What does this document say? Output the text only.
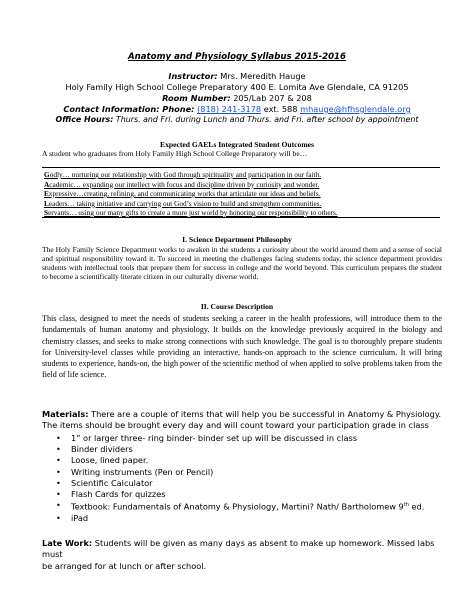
Anatomy and Physiology Syllabus 2015-2016
Instructor: Mrs. Meredith Hauge
Holy Family High School College Preparatory 400 E. Lomita Ave Glendale, CA 91205
Room Number: 205/Lab 207 & 208
Contact Information: Phone: (818) 241-3178 ext. 588 mhauge@hfhsglendale.org
Office Hours: Thurs. and Fri. during Lunch and Thurs. and Fri. after school by appointment
Expected GAELs Integrated Student Outcomes
A student who graduates from Holy Family High School College Preparatory will be…
Godly… nurturing our relationship with God through spirituality and participation in our faith.
Academic… expanding our intellect with focus and discipline driven by curiosity and wonder.
Expressive…creating, refining, and communicating works that articulate our ideas and beliefs.
Leaders… taking initiative and carrying out God’s vision to build and strengthen communities.
Servants… using our many gifts to create a more just world by honoring our responsibility to others.
I. Science Department Philosophy
The Holy Family Science Department works to awaken in the students a curiosity about the world around them and a sense of social and spiritual responsibility toward it. To succeed in meeting the challenges facing students today, the science department provides students with intellectual tools that prepare them for success in college and the world beyond. This curriculum prepares the student to become a scientifically literate citizen in our culturally diverse world.
II. Course Description
This class, designed to meet the needs of students seeking a career in the health professions, will introduce them to the fundamentals of human anatomy and physiology. It builds on the knowledge previously acquired in the biology and chemistry classes, and seeks to make strong connections with such knowledge. The goal is to thoroughly prepare students for University-level classes while providing an interactive, hands-on approach to the science curriculum. It will bring students to experience, hands-on, the high power of the scientific method of when applied to solve problems taken from the field of life science.
Materials: There are a couple of items that will help you be successful in Anatomy & Physiology.
The items should be brought every day and will count toward your participation grade in class
• 1” or larger three- ring binder- binder set up will be discussed in class
• Binder dividers
• Loose, lined paper.
• Writing instruments (Pen or Pencil)
• Scientific Calculator
• Flash Cards for quizzes
• Textbook: Fundamentals of Anatomy & Physiology, Martini? Nath/ Bartholomew 9th ed.
• iPad
Late Work: Students will be given as many days as absent to make up homework. Missed labs must
be arranged for at lunch or after school.
